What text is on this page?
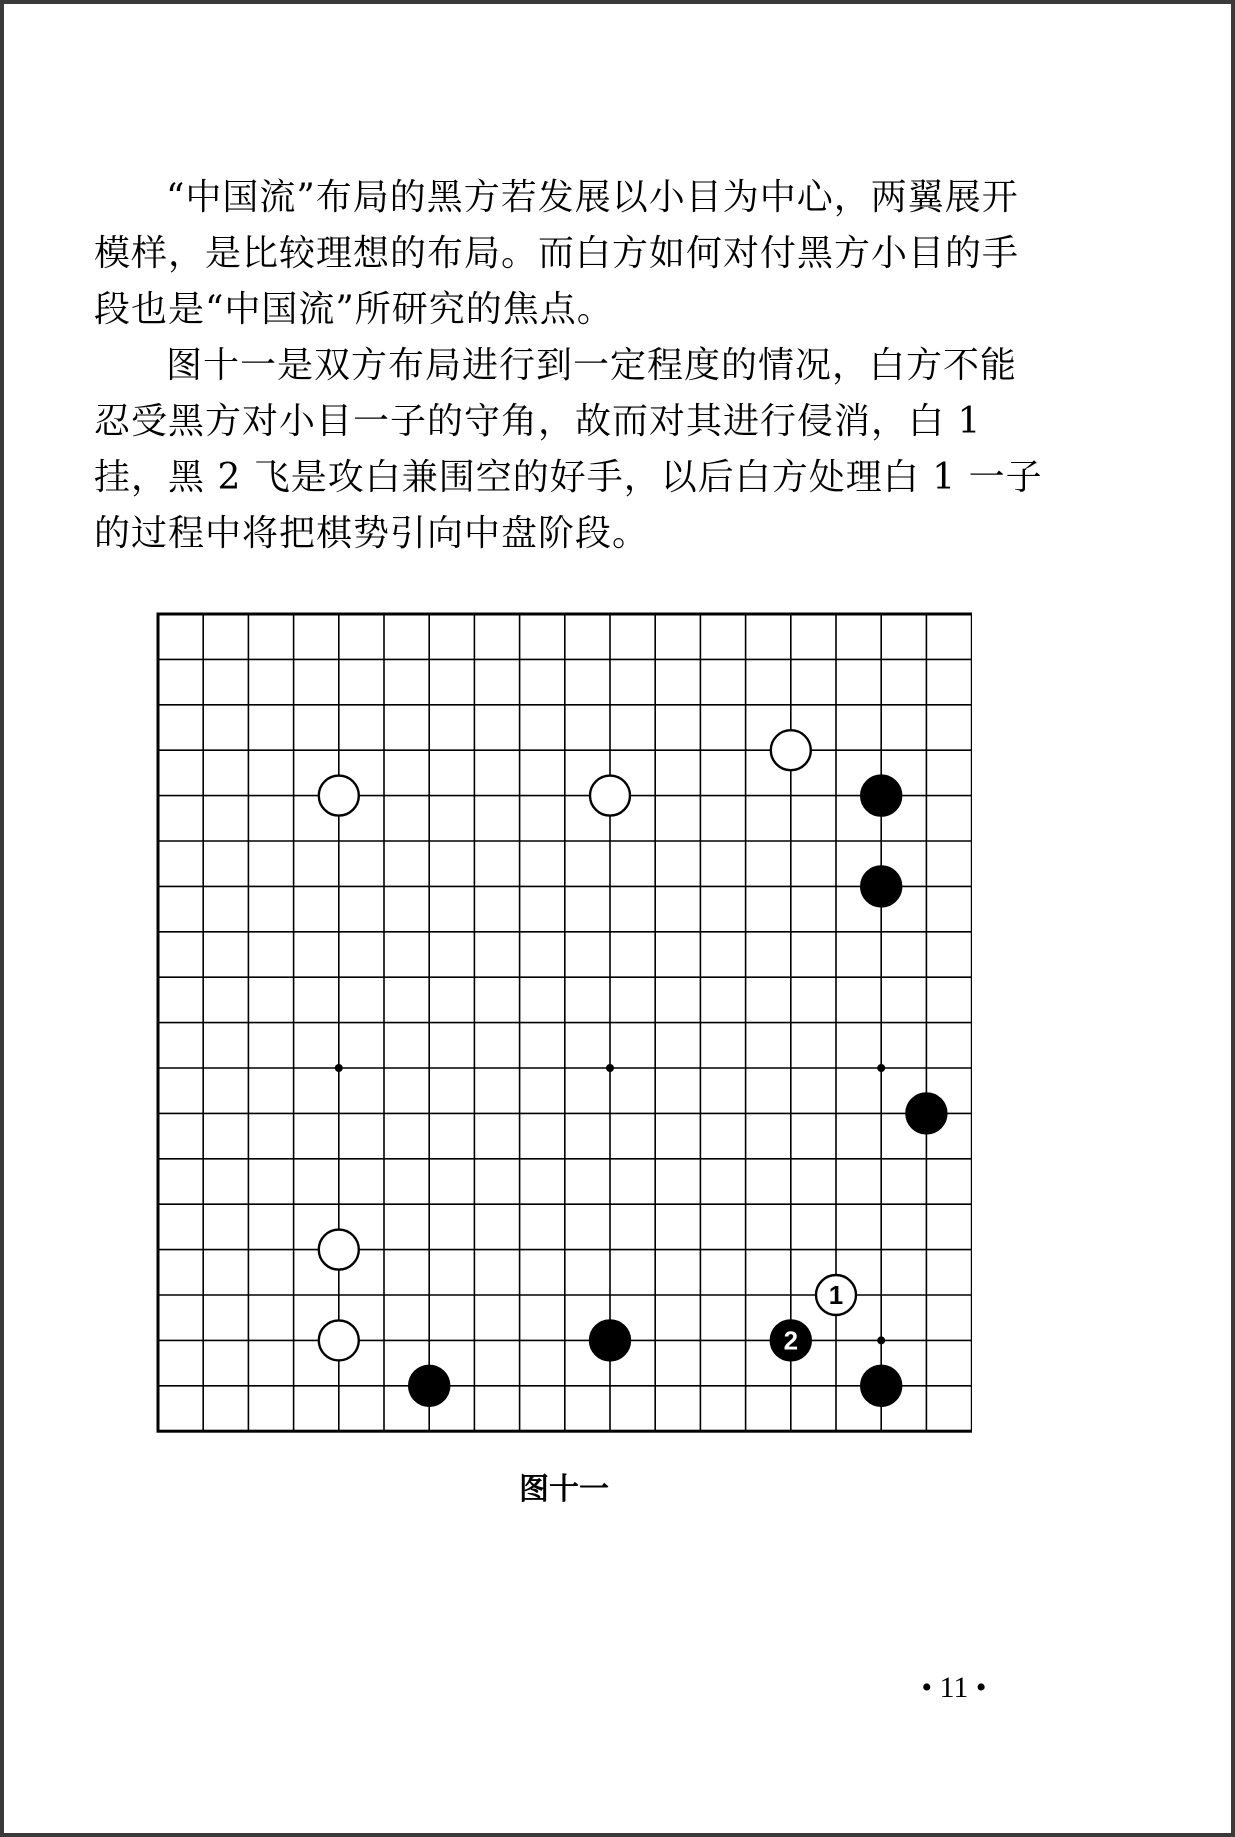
“中国流”布局的黑方若发展以小目为中心，两翼展开模样，是比较理想的布局。而白方如何对付黑方小目的手段也是“中国流”所研究的焦点。

图十一是双方布局进行到一定程度的情况，白方不能忍受黑方对小目一子的守角，故而对其进行侵消，白 1 挂，黑 2 飞是攻白兼围空的好手，以后白方处理白 1 一子的过程中将把棋势引向中盘阶段。

1
2
图十一
• 11 •
